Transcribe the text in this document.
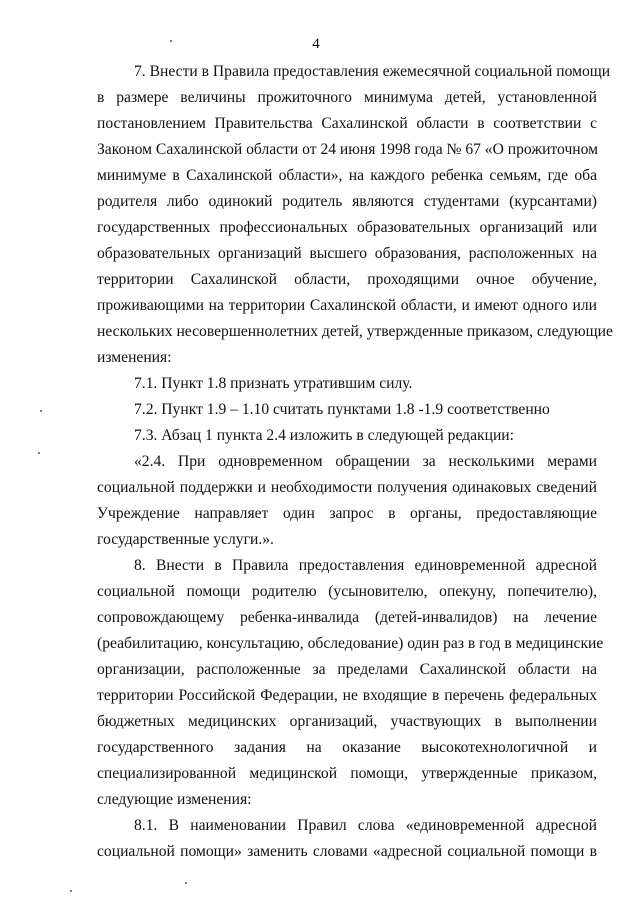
4
7. Внести в Правила предоставления ежемесячной социальной помощи
в размере величины прожиточного минимума детей, установленной
постановлением Правительства Сахалинской области в соответствии с
Законом Сахалинской области от 24 июня 1998 года № 67 «О прожиточном
минимуме в Сахалинской области», на каждого ребенка семьям, где оба
родителя либо одинокий родитель являются студентами (курсантами)
государственных профессиональных образовательных организаций или
образовательных организаций высшего образования, расположенных на
территории Сахалинской области, проходящими очное обучение,
проживающими на территории Сахалинской области, и имеют одного или
нескольких несовершеннолетних детей, утвержденные приказом, следующие
изменения:
7.1. Пункт 1.8 признать утратившим силу.
7.2. Пункт 1.9 – 1.10 считать пунктами 1.8 -1.9 соответственно
7.3. Абзац 1 пункта 2.4 изложить в следующей редакции:
«2.4. При одновременном обращении за несколькими мерами
социальной поддержки и необходимости получения одинаковых сведений
Учреждение направляет один запрос в органы, предоставляющие
государственные услуги.».
8. Внести в Правила предоставления единовременной адресной
социальной помощи родителю (усыновителю, опекуну, попечителю),
сопровождающему ребенка-инвалида (детей-инвалидов) на лечение
(реабилитацию, консультацию, обследование) один раз в год в медицинские
организации, расположенные за пределами Сахалинской области на
территории Российской Федерации, не входящие в перечень федеральных
бюджетных медицинских организаций, участвующих в выполнении
государственного задания на оказание высокотехнологичной и
специализированной медицинской помощи, утвержденные приказом,
следующие изменения:
8.1. В наименовании Правил слова «единовременной адресной
социальной помощи» заменить словами «адресной социальной помощи в
